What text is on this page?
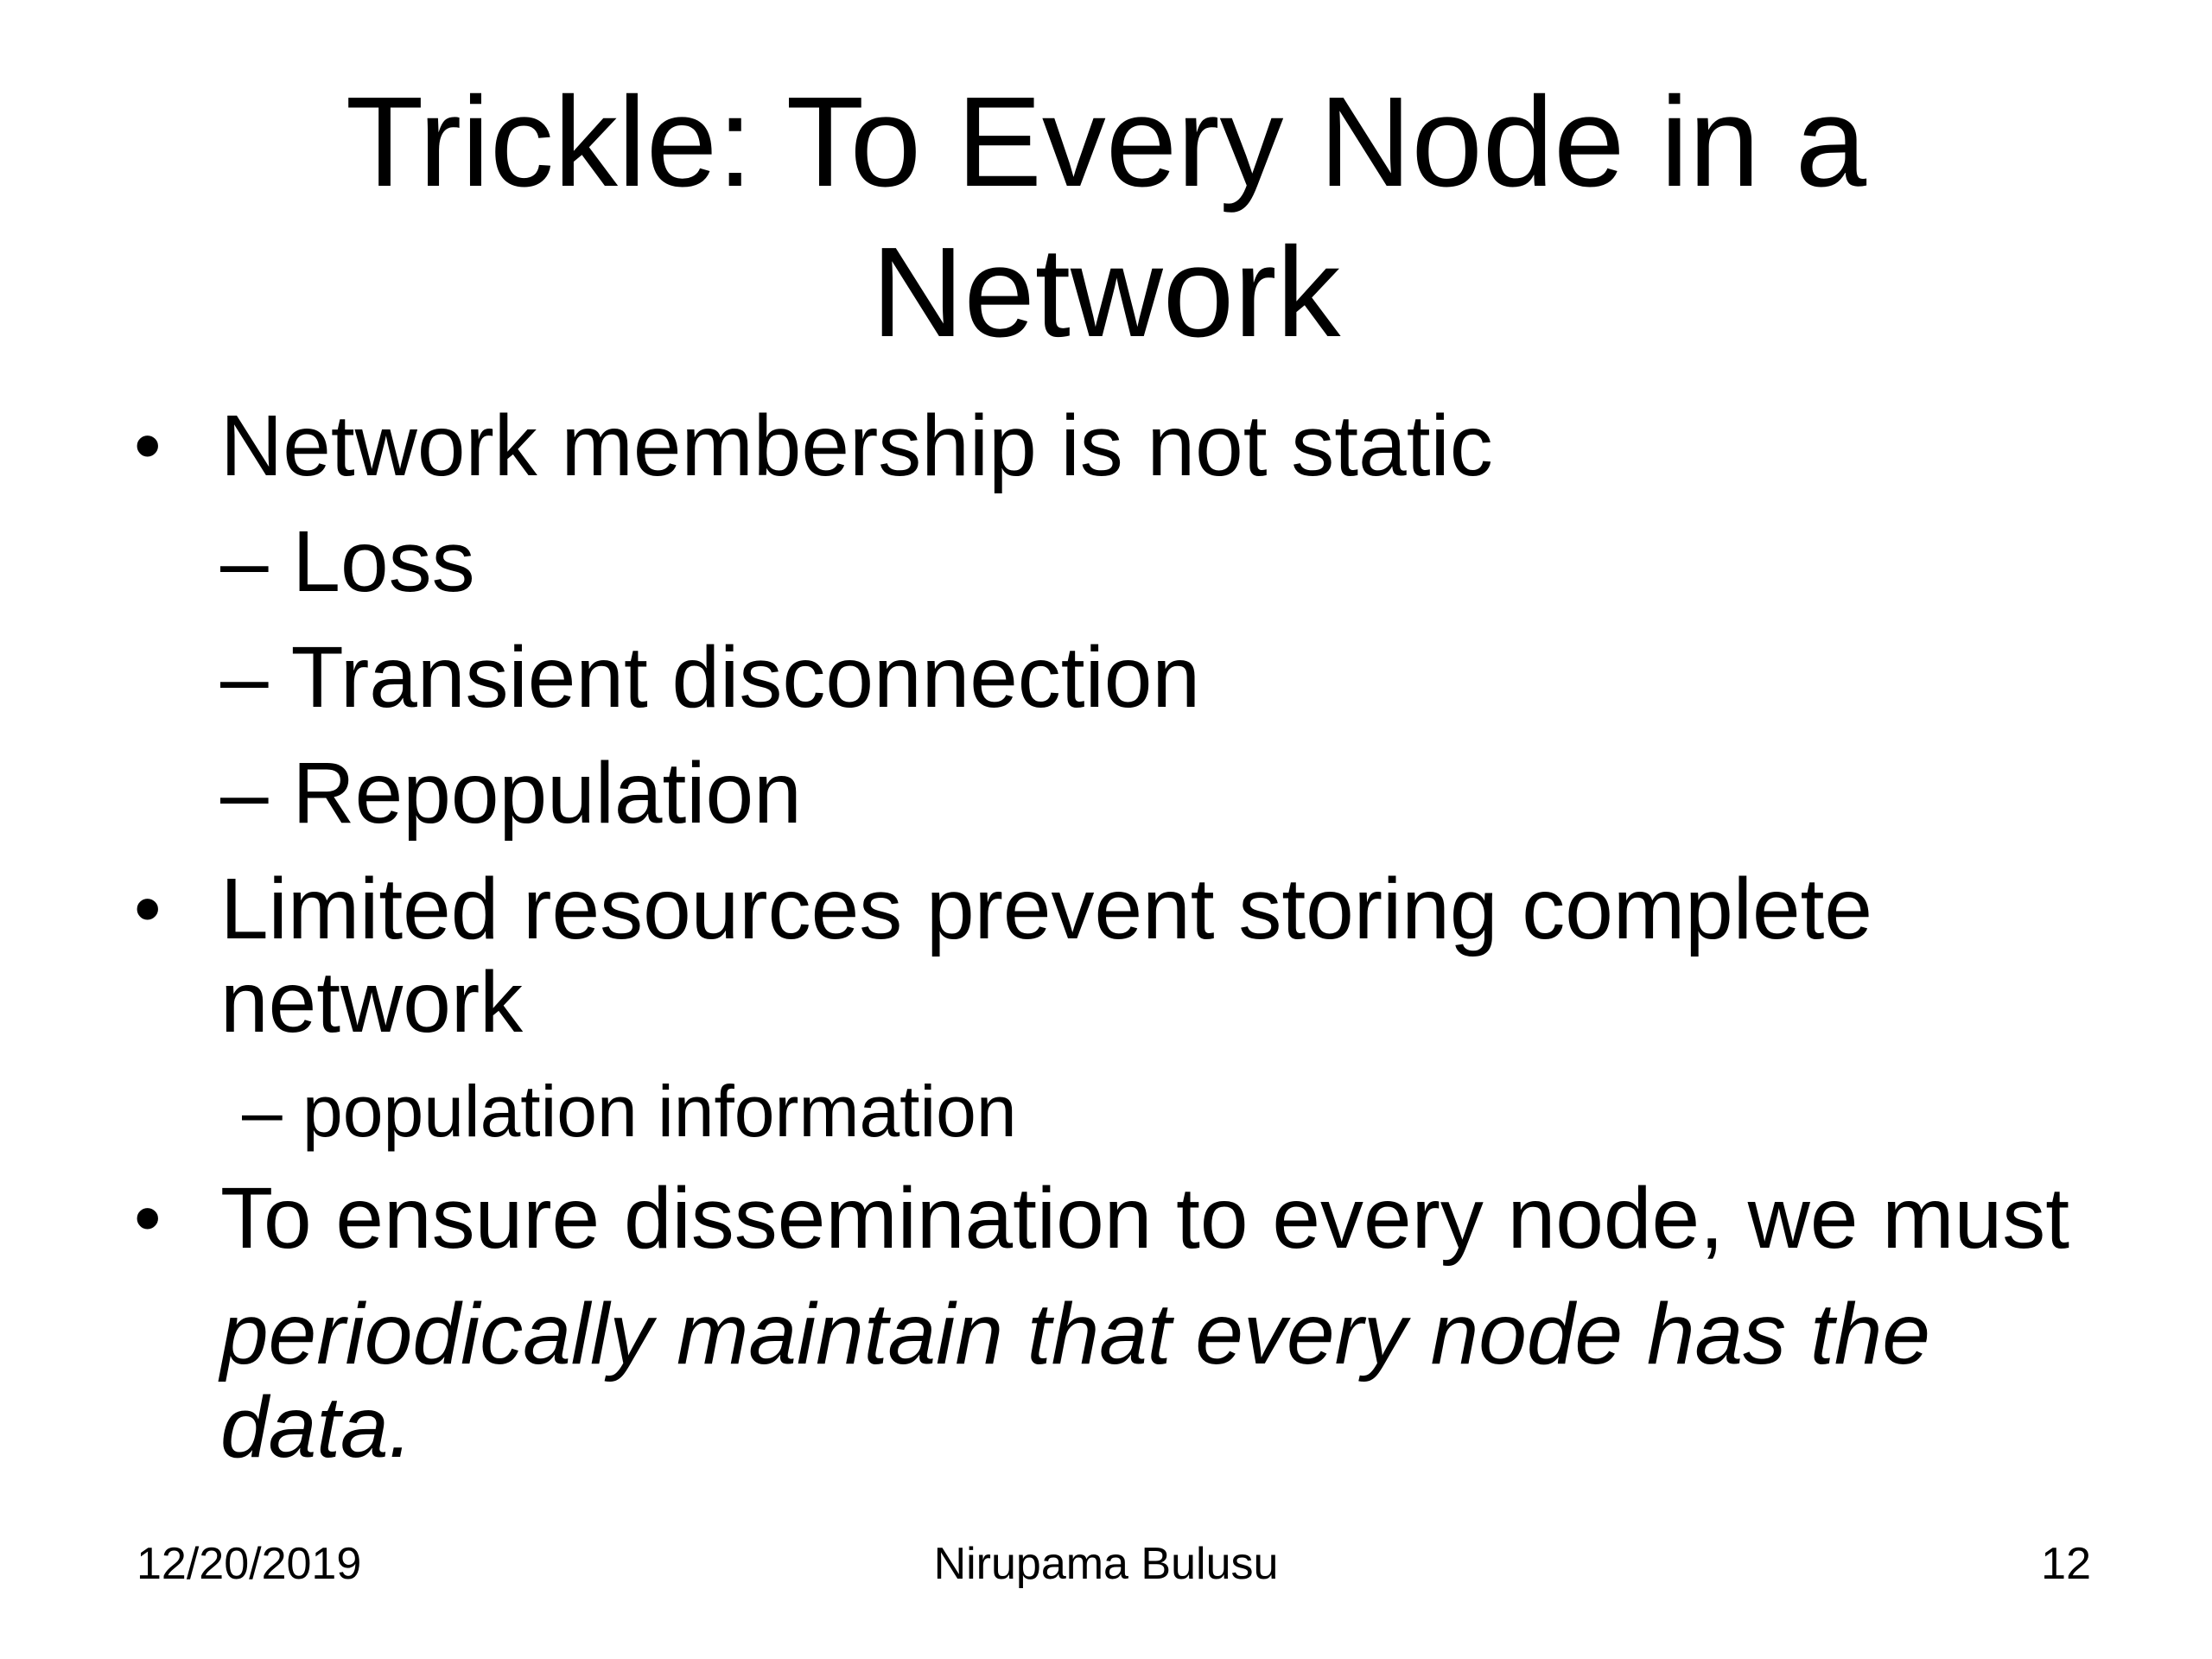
Trickle: To Every Node in a
Network
• Network membership is not static
– Loss
– Transient disconnection
– Repopulation
• Limited resources prevent storing complete
network
– population information
• To ensure dissemination to every node, we must
periodically maintain that every node has the
data.
12/20/2019	Nirupama Bulusu	12
